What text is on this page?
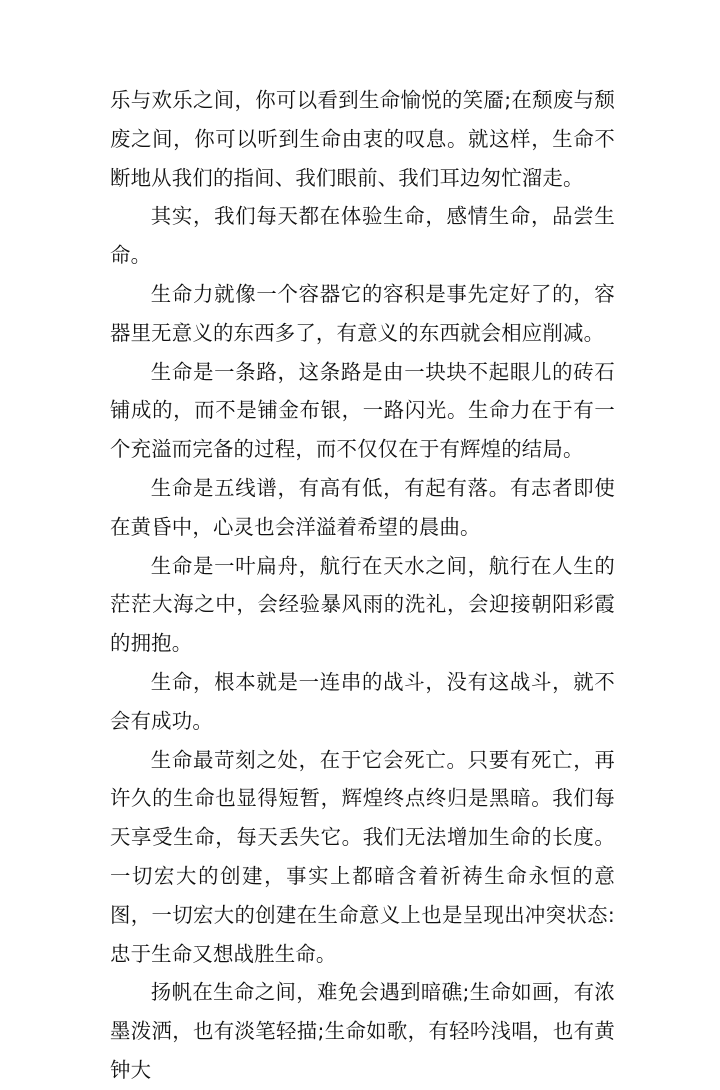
乐与欢乐之间，你可以看到生命愉悦的笑靥;在颓废与颓废之间，你可以听到生命由衷的叹息。就这样，生命不断地从我们的指间、我们眼前、我们耳边匆忙溜走。

其实，我们每天都在体验生命，感情生命，品尝生命。

生命力就像一个容器它的容积是事先定好了的，容器里无意义的东西多了，有意义的东西就会相应削减。

生命是一条路，这条路是由一块块不起眼儿的砖石铺成的，而不是铺金布银，一路闪光。生命力在于有一个充溢而完备的过程，而不仅仅在于有辉煌的结局。

生命是五线谱，有高有低，有起有落。有志者即使在黄昏中，心灵也会洋溢着希望的晨曲。

生命是一叶扁舟，航行在天水之间，航行在人生的茫茫大海之中，会经验暴风雨的洗礼，会迎接朝阳彩霞的拥抱。

生命，根本就是一连串的战斗，没有这战斗，就不会有成功。

生命最苛刻之处，在于它会死亡。只要有死亡，再许久的生命也显得短暂，辉煌终点终归是黑暗。我们每天享受生命，每天丢失它。我们无法增加生命的长度。一切宏大的创建，事实上都暗含着祈祷生命永恒的意图，一切宏大的创建在生命意义上也是呈现出冲突状态:忠于生命又想战胜生命。

扬帆在生命之间，难免会遇到暗礁;生命如画，有浓墨泼洒，也有淡笔轻描;生命如歌，有轻吟浅唱，也有黄钟大
